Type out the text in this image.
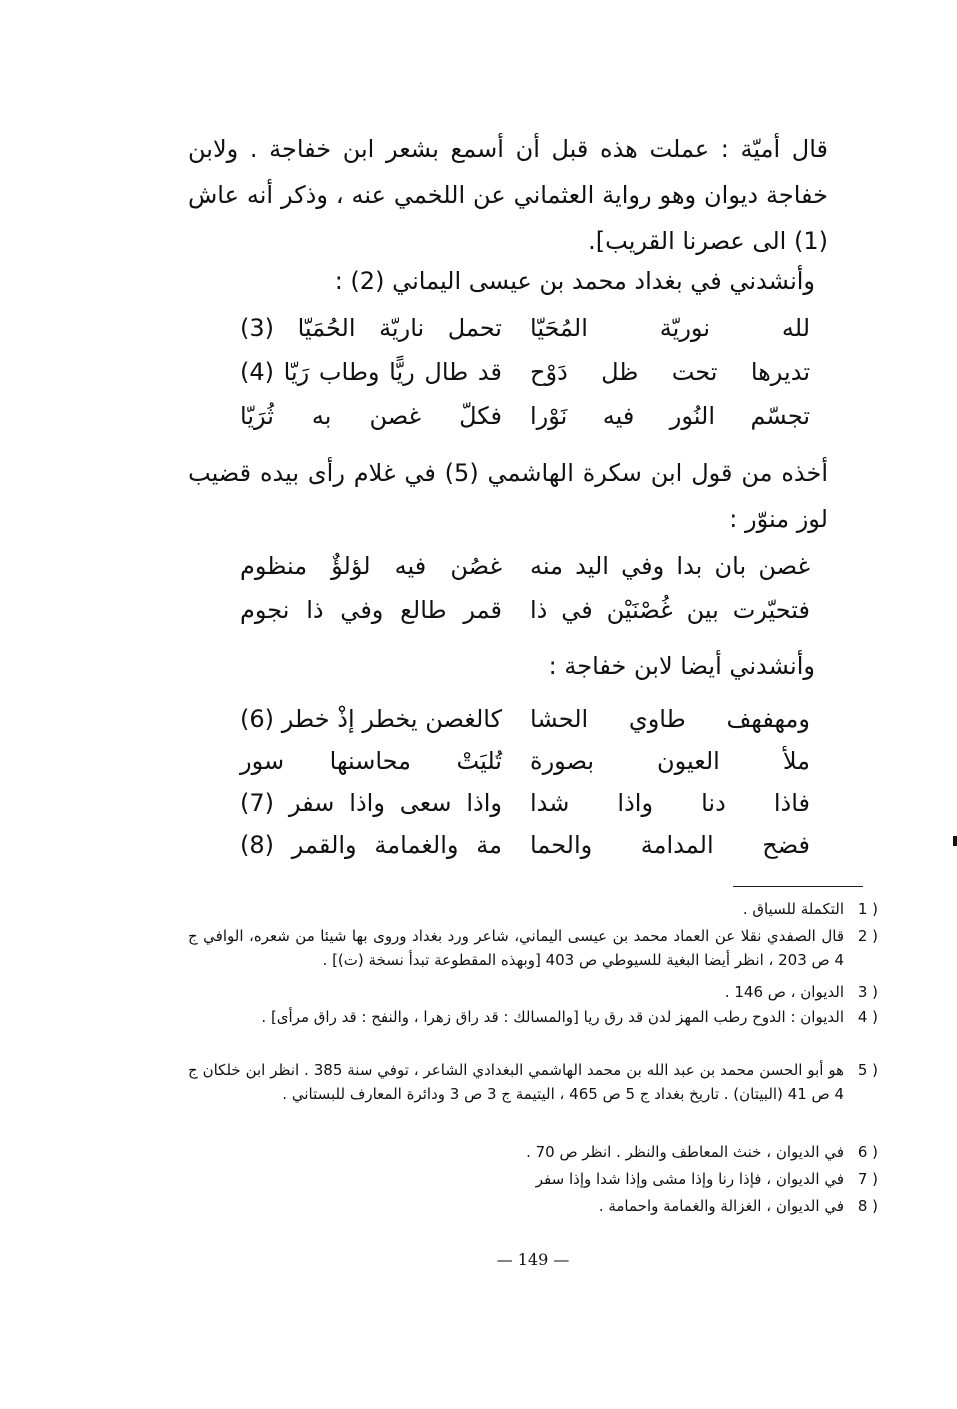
قال أميّة : عملت هذه قبل أن أسمع بشعر ابن خفاجة . ولابن خفاجة ديوان وهو رواية العثماني عن اللخمي عنه ، وذكر أنه عاش (1) الى عصرنا القريب].
وأنشدني في بغداد محمد بن عيسى اليماني (2) :
لله نوريّة المُحَيّا
تحمل ناريّة الحُمَيّا (3)
تديرها تحت ظل دَوْح
قد طال ريًّا وطاب رَيّا (4)
تجسّم النُور فيه نَوْرا
فكلّ غصن به ثُرَيّا
أخذه من قول ابن سكرة الهاشمي (5) في غلام رأى بيده قضيب لوز منوّر :
غصن بان بدا وفي اليد منه
غصُن فيه لؤلؤٌ منظوم
فتحيّرت بين غُصْنَيْن في ذا
قمر طالع وفي ذا نجوم
وأنشدني أيضا لابن خفاجة :
ومهفهف طاوي الحشا
كالغصن يخطر إذْ خطر (6)
ملأ العيون بصورة
تُليَتْ محاسنها سور
فاذا دنا واذا شدا
واذا سعى واذا سفر (7)
فضح المدامة والحما
مة والغمامة والقمر (8)
1 )
التكملة للسياق .
2 )
قال الصفدي نقلا عن العماد محمد بن عيسى اليماني، شاعر ورد بغداد وروى بها شيئا من شعره، الوافي ج 4 ص 203 ، انظر أيضا البغية للسيوطي ص 403 [وبهذه المقطوعة تبدأ نسخة (ت)] .
3 )
الديوان ، ص 146 .
4 )
الديوان : الدوح رطب المهز لدن قد رق ريا [والمسالك : قد راق زهرا ، والنفح : قد راق مرأى] .
5 )
هو أبو الحسن محمد بن عبد الله بن محمد الهاشمي البغدادي الشاعر ، توفي سنة 385 . انظر ابن خلكان ج 4 ص 41 (البيتان) . تاريخ بغداد ج 5 ص 465 ، اليتيمة ج 3 ص 3 ودائرة المعارف للبستاني .
6 )
في الديوان ، خنث المعاطف والنظر . انظر ص 70 .
7 )
في الديوان ، فإذا رنا وإذا مشى وإذا شدا وإذا سفر
8 )
في الديوان ، الغزالة والغمامة واحمامة .
— 149 —
